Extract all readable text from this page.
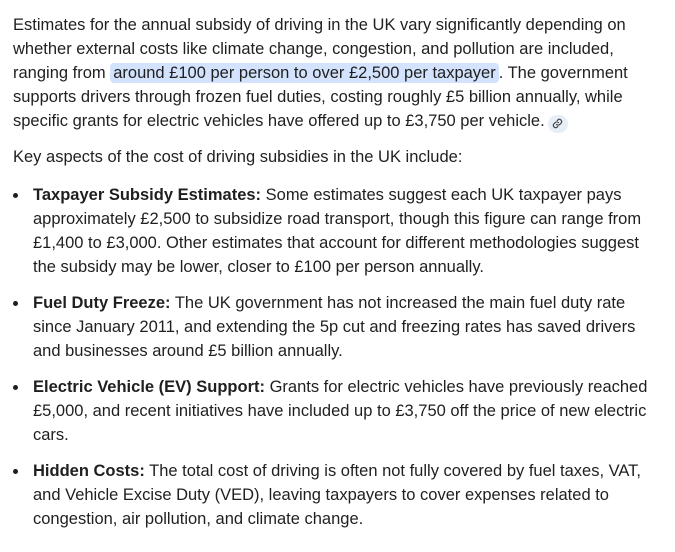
Estimates for the annual subsidy of driving in the UK vary significantly depending on whether external costs like climate change, congestion, and pollution are included, ranging from around £100 per person to over £2,500 per taxpayer . The government supports drivers through frozen fuel duties, costing roughly £5 billion annually, while specific grants for electric vehicles have offered up to £3,750 per vehicle.

Key aspects of the cost of driving subsidies in the UK include:

Taxpayer Subsidy Estimates: Some estimates suggest each UK taxpayer pays approximately £2,500 to subsidize road transport, though this figure can range from £1,400 to £3,000. Other estimates that account for different methodologies suggest the subsidy may be lower, closer to £100 per person annually.
Fuel Duty Freeze: The UK government has not increased the main fuel duty rate since January 2011, and extending the 5p cut and freezing rates has saved drivers and businesses around £5 billion annually.
Electric Vehicle (EV) Support: Grants for electric vehicles have previously reached £5,000, and recent initiatives have included up to £3,750 off the price of new electric cars.
Hidden Costs: The total cost of driving is often not fully covered by fuel taxes, VAT, and Vehicle Excise Duty (VED), leaving taxpayers to cover expenses related to congestion, air pollution, and climate change.
